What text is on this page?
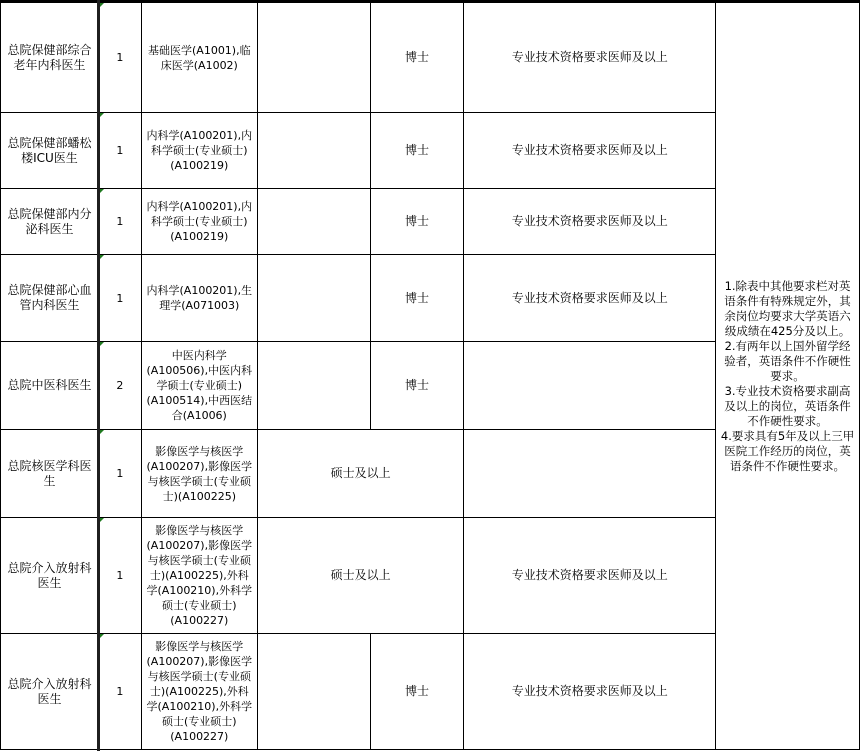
总院保健部综合老年内科医生	1	基础医学(A1001),临床医学(A1002)		博士	专业技术资格要求医师及以上	1.除表中其他要求栏对英语条件有特殊规定外，其余岗位均要求大学英语六级成绩在425分及以上。
2.有两年以上国外留学经验者，英语条件不作硬性要求。
3.专业技术资格要求副高及以上的岗位，英语条件不作硬性要求。
4.要求具有5年及以上三甲医院工作经历的岗位，英语条件不作硬性要求。

总院保健部蟠松楼ICU医生	1	内科学(A100201),内科学硕士(专业硕士)(A100219)		博士	专业技术资格要求医师及以上	
总院保健部内分泌科医生	1	内科学(A100201),内科学硕士(专业硕士)(A100219)		博士	专业技术资格要求医师及以上	
总院保健部心血管内科医生	1	内科学(A100201),生理学(A071003)		博士	专业技术资格要求医师及以上	
总院中医科医生	2	中医内科学(A100506),中医内科学硕士(专业硕士)(A100514),中西医结合(A1006)		博士		
总院核医学科医生	1	影像医学与核医学(A100207),影像医学与核医学硕士(专业硕士)(A100225)	硕士及以上			
总院介入放射科医生	1	影像医学与核医学(A100207),影像医学与核医学硕士(专业硕士)(A100225),外科学(A100210),外科学硕士(专业硕士)(A100227)	硕士及以上		专业技术资格要求医师及以上	
总院介入放射科医生	1	影像医学与核医学(A100207),影像医学与核医学硕士(专业硕士)(A100225),外科学(A100210),外科学硕士(专业硕士)(A100227)		博士	专业技术资格要求医师及以上	
